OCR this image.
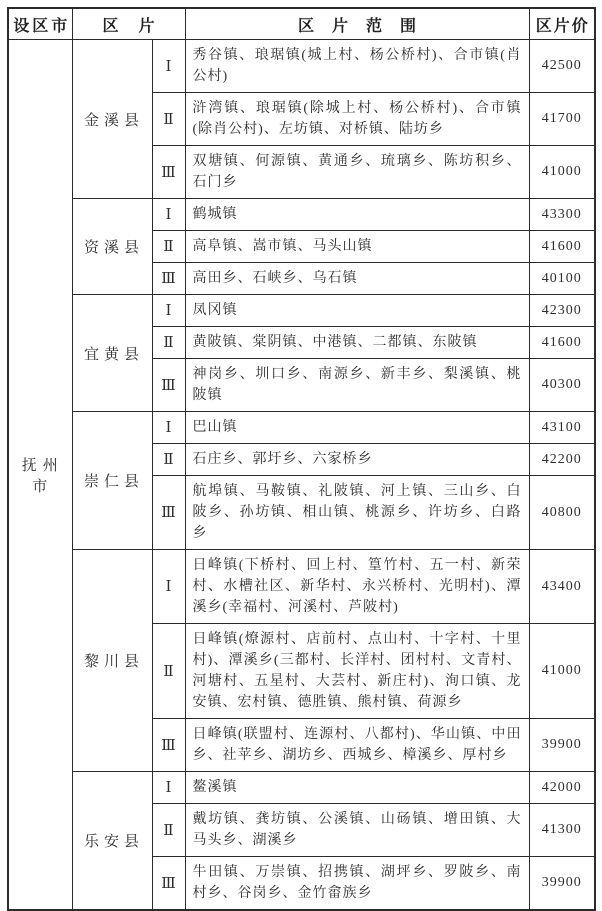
设区市	区片		区片范围	区片价
抚州市	金溪县	Ⅰ	秀谷镇、琅琚镇(城上村、杨公桥村)、合市镇(肖公村)	42500
		Ⅱ	浒湾镇、琅琚镇(除城上村、杨公桥村)、合市镇(除肖公村)、左坊镇、对桥镇、陆坊乡	41700
		Ⅲ	双塘镇、何源镇、黄通乡、琉璃乡、陈坊积乡、石门乡	41000
	资溪县	Ⅰ	鹤城镇	43300
		Ⅱ	高阜镇、嵩市镇、马头山镇	41600
		Ⅲ	高田乡、石峡乡、乌石镇	40100
	宜黄县	Ⅰ	凤冈镇	42300
		Ⅱ	黄陂镇、棠阴镇、中港镇、二都镇、东陂镇	41600
		Ⅲ	神岗乡、圳口乡、南源乡、新丰乡、梨溪镇、桃陂镇	40300
	崇仁县	Ⅰ	巴山镇	43100
		Ⅱ	石庄乡、郭圩乡、六家桥乡	42200
		Ⅲ	航埠镇、马鞍镇、礼陂镇、河上镇、三山乡、白陂乡、孙坊镇、相山镇、桃源乡、许坊乡、白路乡	40800
	黎川县	Ⅰ	日峰镇(下桥村、回上村、篁竹村、五一村、新荣村、水槽社区、新华村、永兴桥村、光明村)、潭溪乡(幸福村、河溪村、芦陂村)	43400
		Ⅱ	日峰镇(燎源村、店前村、点山村、十字村、十里村)、潭溪乡(三都村、长洋村、团村村、文青村、河塘村、五星村、大芸村、新庄村)、洵口镇、龙安镇、宏村镇、德胜镇、熊村镇、荷源乡	41000
		Ⅲ	日峰镇(联盟村、连源村、八都村)、华山镇、中田乡、社苹乡、湖坊乡、西城乡、樟溪乡、厚村乡	39900
	乐安县	Ⅰ	鳌溪镇	42000
		Ⅱ	戴坊镇、龚坊镇、公溪镇、山砀镇、增田镇、大马头乡、湖溪乡	41300
		Ⅲ	牛田镇、万崇镇、招携镇、湖坪乡、罗陂乡、南村乡、谷岗乡、金竹畲族乡	39900
